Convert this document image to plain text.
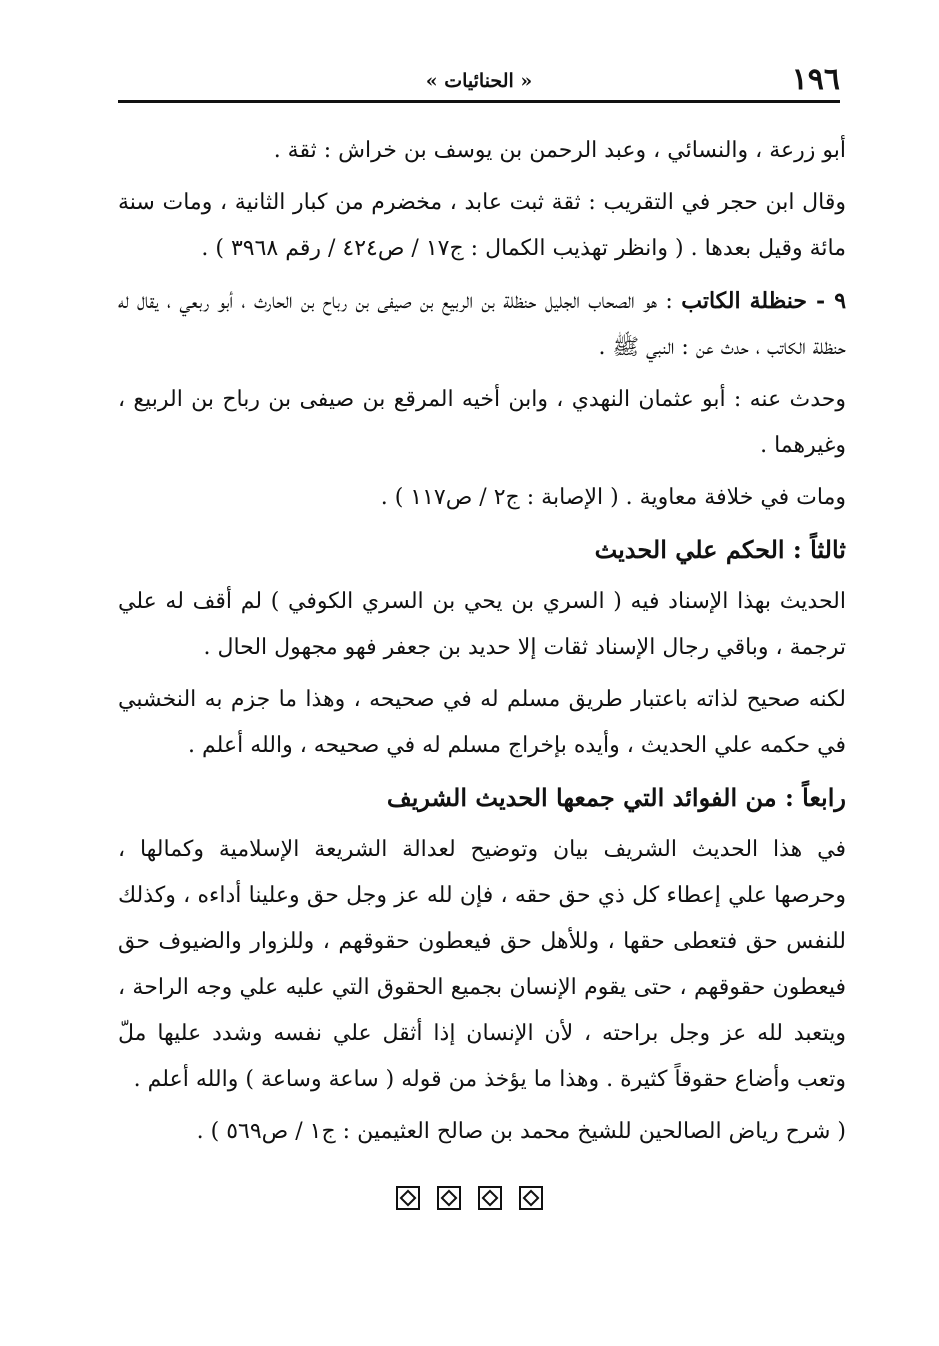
١٩٦
« الحنائيات »

أبو زرعة ، والنسائي ، وعبد الرحمن بن يوسف بن خراش : ثقة .

وقال ابن حجر في التقريب : ثقة ثبت عابد ، مخضرم من كبار الثانية ، ومات سنة مائة وقيل بعدها . ( وانظر تهذيب الكمال : ج١٧ / ص٤٢٤ / رقم ٣٩٦٨ ) .

٩ - حنظلة الكاتب : هو الصحاب الجليل حنظلة بن الربيع بن صيفى بن رباح بن الحارث ، أبو ربعي ، يقال له حنظلة الكاتب ، حدث عن : النبي ﷺ .

وحدث عنه : أبو عثمان النهدي ، وابن أخيه المرقع بن صيفى بن رباح بن الربيع ، وغيرهما .

ومات في خلافة معاوية . ( الإصابة : ج٢ / ص١١٧ ) .

ثالثاً : الحكم علي الحديث

الحديث بهذا الإسناد فيه ( السري بن يحي بن السري الكوفي ) لم أقف له علي ترجمة ، وباقي رجال الإسناد ثقات إلا حديد بن جعفر فهو مجهول الحال .

لكنه صحيح لذاته باعتبار طريق مسلم له في صحيحه ، وهذا ما جزم به النخشبي في حكمه علي الحديث ، وأيده بإخراج مسلم له في صحيحه ، والله أعلم .

رابعاً : من الفوائد التي جمعها الحديث الشريف

في هذا الحديث الشريف بيان وتوضيح لعدالة الشريعة الإسلامية وكمالها ، وحرصها علي إعطاء كل ذي حق حقه ، فإن لله عز وجل حق وعلينا أداءه ، وكذلك للنفس حق فتعطى حقها ، وللأهل حق فيعطون حقوقهم ، وللزوار والضيوف حق فيعطون حقوقهم ، حتى يقوم الإنسان بجميع الحقوق التي عليه علي وجه الراحة ، ويتعبد لله عز وجل براحته ، لأن الإنسان إذا أثقل علي نفسه وشدد عليها ملّ وتعب وأضاع حقوقاً كثيرة . وهذا ما يؤخذ من قوله ( ساعة وساعة ) والله أعلم .

( شرح رياض الصالحين للشيخ محمد بن صالح العثيمين : ج١ / ص٥٦٩ ) .
